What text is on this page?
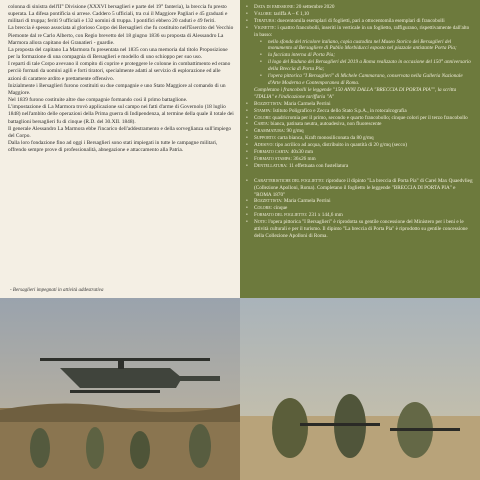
colonna di sinistra dell'II° Divisione (XXXVI bersaglieri e parte del 19° fanteria), la breccia fu presto superata. La difesa pontificia si arrese. Caddero 5 ufficiali, tra cui il Maggiore Pagliari e 45 graduati e militari di truppa; feriti 9 ufficiali e 132 uomini di truppa. I pontifici ebbero 20 caduti e 49 feriti.

La breccia è spesso associata al glorioso Corpo dei Bersaglieri che fu costituito nell'Esercito del Vecchio Piemonte dal re Carlo Alberto, con Regio brevetto del 18 giugno 1836 su proposta di Alessandro La Marmora allora capitano dei Granatieri - guardie.

La proposta del capitano La Marmora fu presentata nel 1835 con una memoria dal titolo Proposizione per la formazione di una compagnia di Bersaglieri e modello di uno schioppo per suo uso.

I reparti di tale Corpo avevano il compito di coprire e proteggere le colonne in combattimento ed erano perciò formati da uomini agili e forti tiratori, specialmente adatti al servizio di esplorazione ed alle azioni di carattere ardito e prettamente offensivo.

Inizialmente i Bersaglieri furono costituiti su due compagnie e uno Stato Maggiore al comando di un Maggiore.

Nel 1839 furono costituite altre due compagnie formando così il primo battaglione.

L'impostazione di La Marmora trovò applicazione sul campo nei fatti d'arme di Governolo (18 luglio 1848) nell'ambito delle operazioni della Prima guerra di Indipendenza, al termine della quale il totale dei battaglioni bersaglieri fu di cinque (R.D. del 30.XII. 1848).

Il generale Alessandro La Marmora ebbe l'incarico dell'addestramento e della sorveglianza sull'impiego del Corpo.

Dalla loro fondazione fino ad oggi i Bersaglieri sono stati impiegati in tutte le campagne militari, offrendo sempre prove di professionalità, abnegazione e attaccamento alla Patria.

- Bersaglieri impegnati in attività addestrativa
•	Data di emissione: 20 settembre 2020
•	Valore: tariffa A – € 1,10
•	Tiratura: duecentomila esemplari di foglietti, pari a ottocentomila esemplari di francobolli
•	Vignette: i quattro francobolli, inseriti in verticale in un foglietto, raffigurano, rispettivamente dall'alto in basso:
•	nello sfondo del tricolore italiano, copia custodita nel Museo Storico dei Bersaglieri del monumento al Bersagliere di Publio Morbiducci esposto nel piazzale antistante Porta Pia;
•	la facciata interna di Porta Pia;
•	il logo del Raduno dei Bersaglieri del 2019 a Roma realizzato in occasione del 150° anniversario della Breccia di Porta Pia;
•	l'opera pittorica "I Bersaglieri" di Michele Cammarano, conservata nella Galleria Nazionale d'Arte Moderna e Contemporanea di Roma.
Completano i francobolli le leggende "150 ANNI DALLA "BRECCIA DI PORTA PIA"", la scritta "ITALIA" e l'indicazione tariffaria "A"
•	Bozzettista: Maria Carmela Perrini
•	Stampa: Istituto Poligrafico e Zecca dello Stato S.p.A., in rotocalcografia
•	Colori: quadricromia per il primo, secondo e quarto francobollo; cinque colori per il terzo francobollo
•	Carta: bianca, patinata neutra, autoadesiva, non fluorescente
•	Grammatura: 90 g/mq
•	Supporto: carta bianca, Kraft monosiliconata da 80 g/mq
•	Adesivo: tipo acrilico ad acqua, distribuito in quantità di 20 g/mq (secco)
•	Formato carta: 40x30 mm
•	Formato stampa: 36x26 mm
•	Dentellatura: 11 effettuata con fustellatura
•	Caratteristiche del foglietto: riproduce il dipinto "La breccia di Porta Pia" di Carel Max Quaedvlieg (Collezione Apolloni, Roma). Completano il foglietto le leggende "BRECCIA DI PORTA PIA" e "ROMA 1870"
•	Bozzettista: Maria Carmela Perrini
•	Colore: cinque
•	Formato del foglietto: 231 x 144,6 mm
•	Note: l'opera pittorica "I Bersaglieri" è riprodotta su gentile concessione del Ministero per i beni e le attività culturali e per il turismo. Il dipinto "La breccia di Porta Pia" è riprodotto su gentile concessione della Collezione Apolloni di Roma.
